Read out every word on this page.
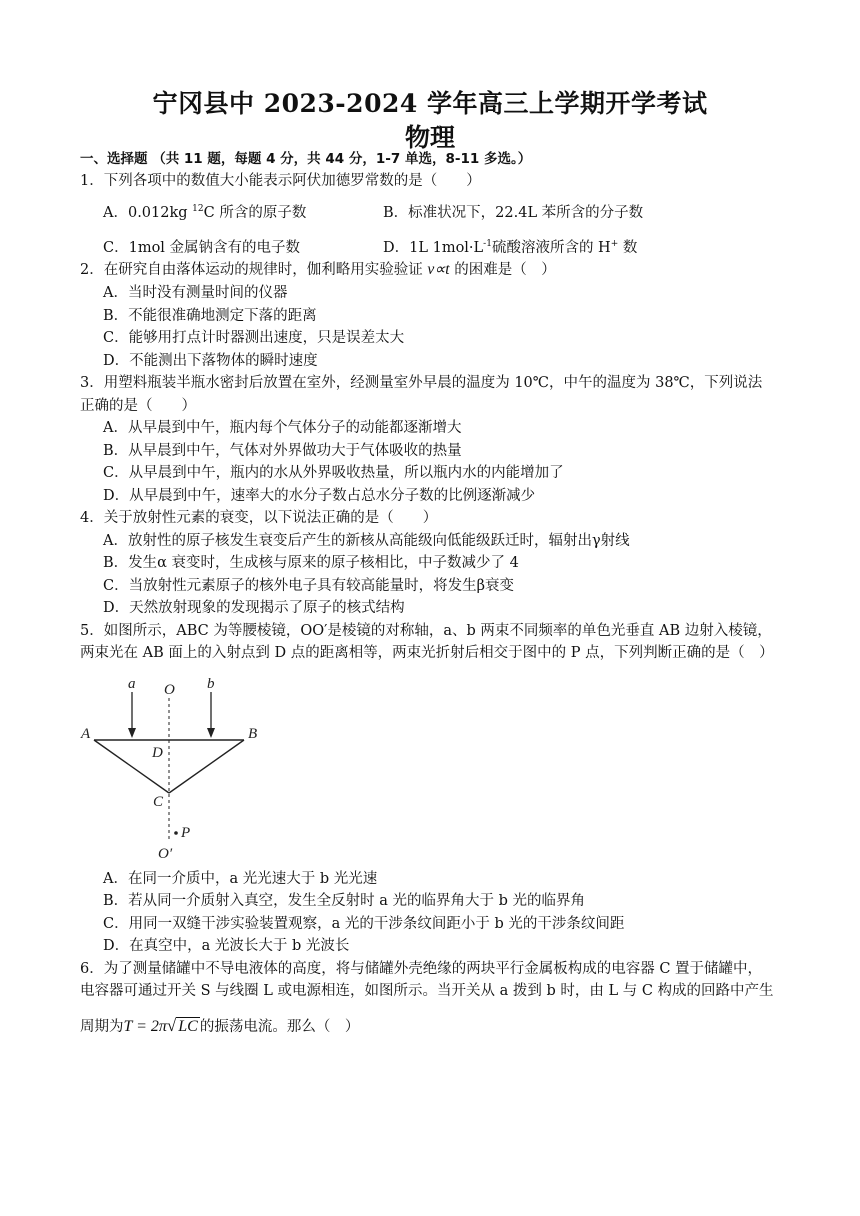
宁冈县中 2023-2024 学年高三上学期开学考试
物理
一、选择题 （共 11 题，每题 4 分，共 44 分，1-7 单选，8-11 多选。）
1．下列各项中的数值大小能表示阿伏加德罗常数的是（　　）
A．0.012kg $^{12}$C 所含的原子数	B．标准状况下，22.4L 苯所含的分子数
C．1mol 金属钠含有的电子数	D．1L $1mol\cdot L^{-1}$硫酸溶液所含的 H+ 数
2．在研究自由落体运动的规律时，伽利略用实验验证 v∝t 的困难是（　）
A．当时没有测量时间的仪器
B．不能很准确地测定下落的距离
C．能够用打点计时器测出速度，只是误差太大
D．不能测出下落物体的瞬时速度
3．用塑料瓶装半瓶水密封后放置在室外，经测量室外早晨的温度为 10℃，中午的温度为 38℃，下列说法
正确的是（　　）
A．从早晨到中午，瓶内每个气体分子的动能都逐渐增大
B．从早晨到中午，气体对外界做功大于气体吸收的热量
C．从早晨到中午，瓶内的水从外界吸收热量，所以瓶内水的内能增加了
D．从早晨到中午，速率大的水分子数占总水分子数的比例逐渐减少
4．关于放射性元素的衰变，以下说法正确的是（　　）
A．放射性的原子核发生衰变后产生的新核从高能级向低能级跃迁时，辐射出γ射线
B．发生α 衰变时，生成核与原来的原子核相比，中子数减少了 4
C．当放射性元素原子的核外电子具有较高能量时，将发生β衰变
D．天然放射现象的发现揭示了原子的核式结构
5．如图所示，ABC 为等腰棱镜，OO′是棱镜的对称轴，a、b 两束不同频率的单色光垂直 AB 边射入棱镜，
两束光在 AB 面上的入射点到 D 点的距离相等，两束光折射后相交于图中的 P 点，下列判断正确的是（　）
a O b
A	B
D
C
P
O′
A．在同一介质中，a 光光速大于 b 光光速
B．若从同一介质射入真空，发生全反射时 a 光的临界角大于 b 光的临界角
C．用同一双缝干涉实验装置观察，a 光的干涉条纹间距小于 b 光的干涉条纹间距
D．在真空中，a 光波长大于 b 光波长
6．为了测量储罐中不导电液体的高度，将与储罐外壳绝缘的两块平行金属板构成的电容器 C 置于储罐中，
电容器可通过开关 S 与线圈 L 或电源相连，如图所示。当开关从 a 拨到 b 时，由 L 与 C 构成的回路中产生
周期为T = 2π√ LC 的振荡电流。那么（　）
